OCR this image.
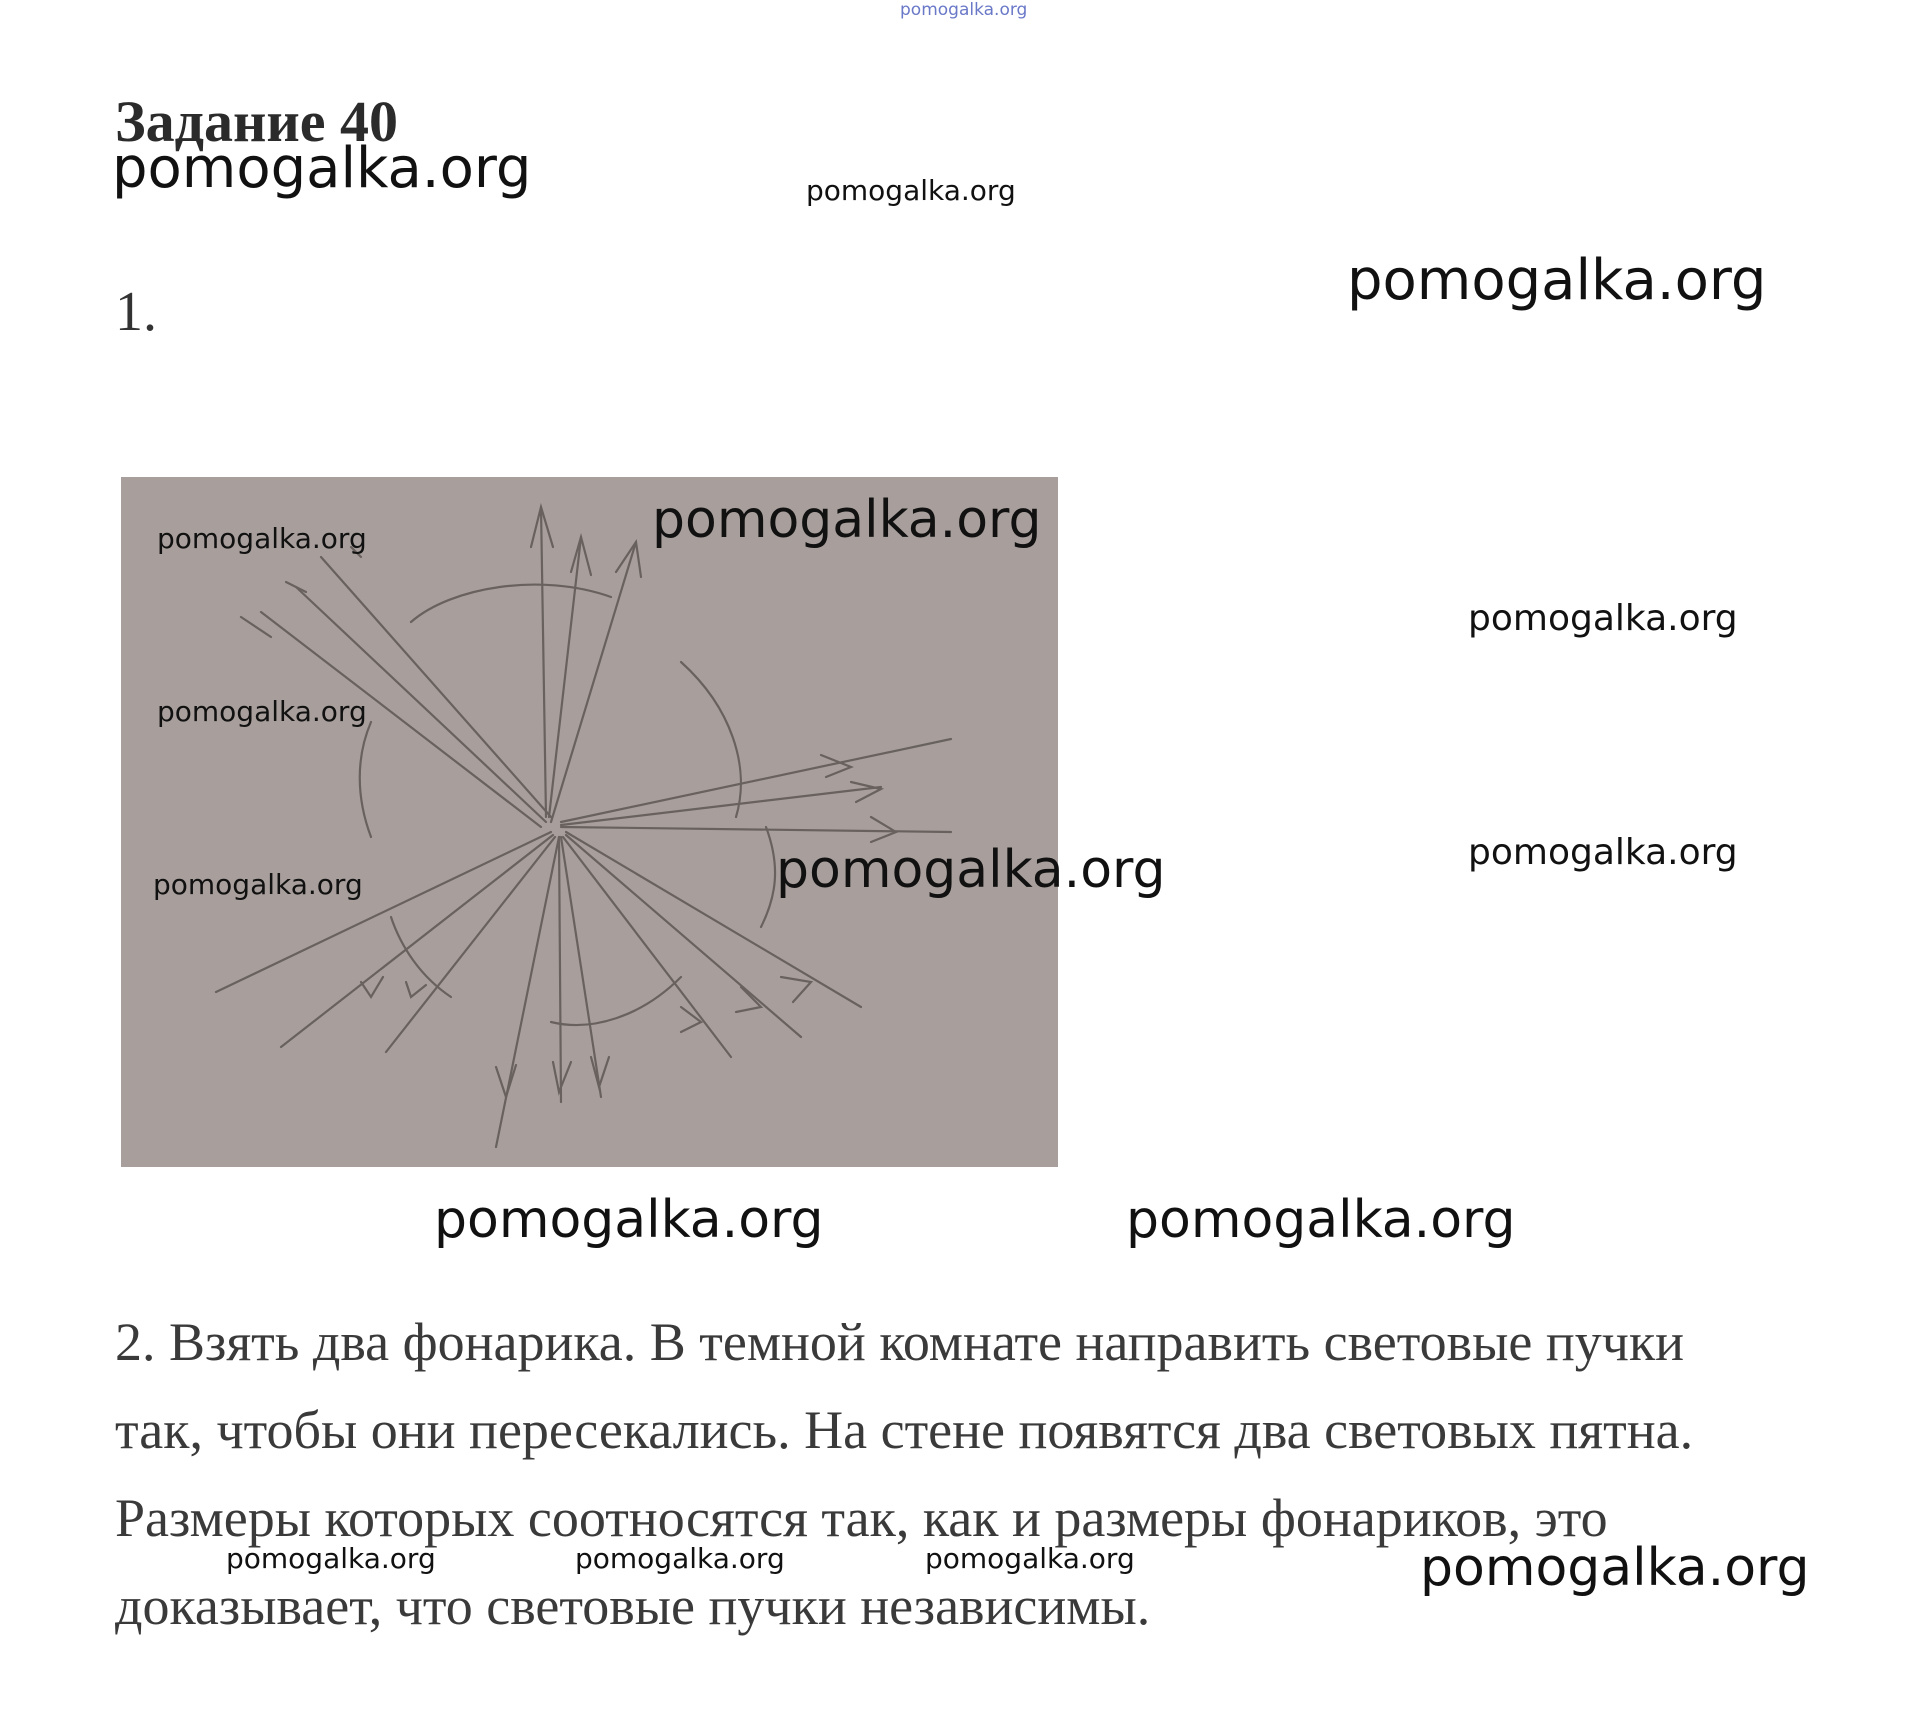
pomogalka.org
Задание 40
pomogalka.org	pomogalka.org
pomogalka.org
1.
pomogalka.org
pomogalka.org
pomogalka.org
pomogalka.org
pomogalka.org
pomogalka.org
pomogalka.org
pomogalka.org	pomogalka.org
2. Взять два фонарика. В темной комнате направить световые пучки
так, чтобы они пересекались. На стене появятся два световых пятна.
Размеры которых соотносятся так, как и размеры фонариков, это
доказывает, что световые пучки независимы.
pomogalka.org	pomogalka.org	pomogalka.org	pomogalka.org
